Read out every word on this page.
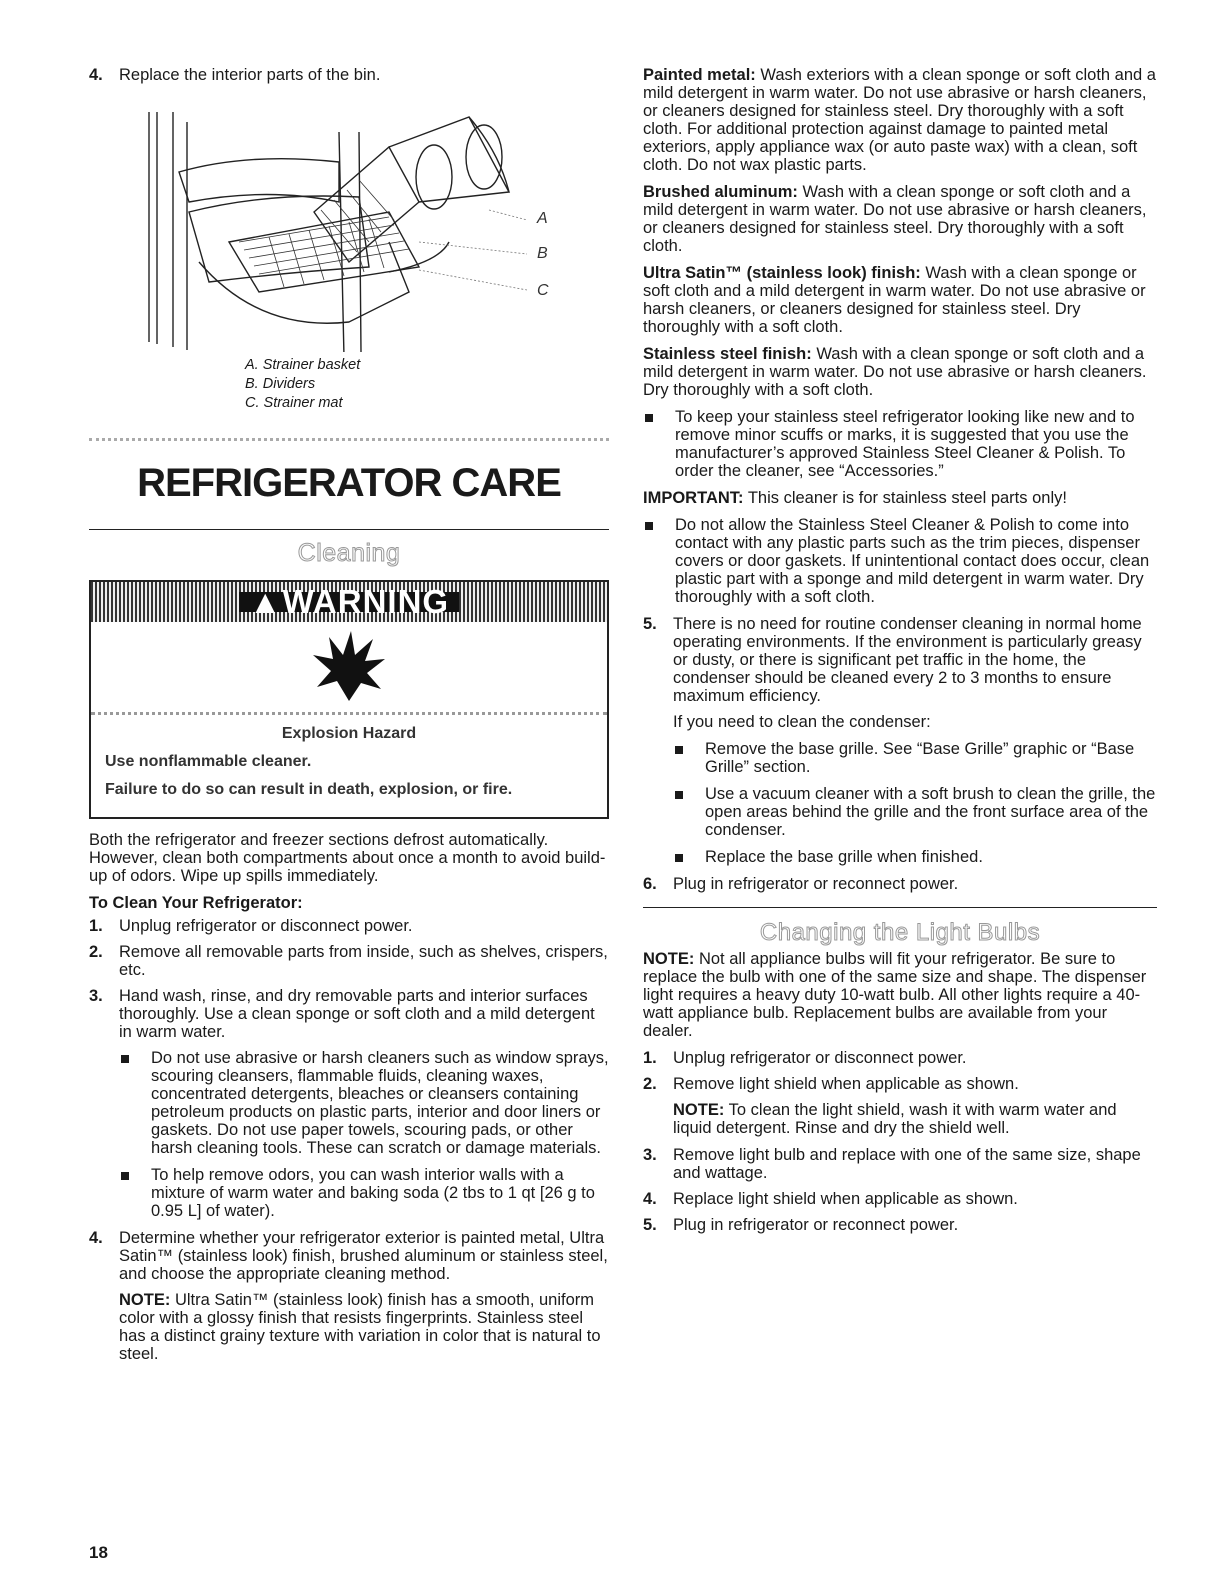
4. Replace the interior parts of the bin.
A
B
C
A. Strainer basket
B. Dividers
C. Strainer mat
REFRIGERATOR CARE
Cleaning
▲WARNING
Explosion Hazard
Use nonflammable cleaner.
Failure to do so can result in death, explosion, or fire.

Both the refrigerator and freezer sections defrost automatically. However, clean both compartments about once a month to avoid build-up of odors. Wipe up spills immediately.

To Clean Your Refrigerator:

1. Unplug refrigerator or disconnect power.
2. Remove all removable parts from inside, such as shelves, crispers, etc.
3. Hand wash, rinse, and dry removable parts and interior surfaces thoroughly. Use a clean sponge or soft cloth and a mild detergent in warm water.
Do not use abrasive or harsh cleaners such as window sprays, scouring cleansers, flammable fluids, cleaning waxes, concentrated detergents, bleaches or cleansers containing petroleum products on plastic parts, interior and door liners or gaskets. Do not use paper towels, scouring pads, or other harsh cleaning tools. These can scratch or damage materials.
To help remove odors, you can wash interior walls with a mixture of warm water and baking soda (2 tbs to 1 qt [26 g to 0.95 L] of water).
4. Determine whether your refrigerator exterior is painted metal, Ultra Satin™ (stainless look) finish, brushed aluminum or stainless steel, and choose the appropriate cleaning method.

NOTE: Ultra Satin™ (stainless look) finish has a smooth, uniform color with a glossy finish that resists fingerprints. Stainless steel has a distinct grainy texture with variation in color that is natural to steel.

Painted metal: Wash exteriors with a clean sponge or soft cloth and a mild detergent in warm water. Do not use abrasive or harsh cleaners, or cleaners designed for stainless steel. Dry thoroughly with a soft cloth. For additional protection against damage to painted metal exteriors, apply appliance wax (or auto paste wax) with a clean, soft cloth. Do not wax plastic parts.

Brushed aluminum: Wash with a clean sponge or soft cloth and a mild detergent in warm water. Do not use abrasive or harsh cleaners, or cleaners designed for stainless steel. Dry thoroughly with a soft cloth.

Ultra Satin™ (stainless look) finish: Wash with a clean sponge or soft cloth and a mild detergent in warm water. Do not use abrasive or harsh cleaners, or cleaners designed for stainless steel. Dry thoroughly with a soft cloth.

Stainless steel finish: Wash with a clean sponge or soft cloth and a mild detergent in warm water. Do not use abrasive or harsh cleaners. Dry thoroughly with a soft cloth.

To keep your stainless steel refrigerator looking like new and to remove minor scuffs or marks, it is suggested that you use the manufacturer’s approved Stainless Steel Cleaner & Polish. To order the cleaner, see “Accessories.”

IMPORTANT: This cleaner is for stainless steel parts only!

Do not allow the Stainless Steel Cleaner & Polish to come into contact with any plastic parts such as the trim pieces, dispenser covers or door gaskets. If unintentional contact does occur, clean plastic part with a sponge and mild detergent in warm water. Dry thoroughly with a soft cloth.
5. There is no need for routine condenser cleaning in normal home operating environments. If the environment is particularly greasy or dusty, or there is significant pet traffic in the home, the condenser should be cleaned every 2 to 3 months to ensure maximum efficiency.

If you need to clean the condenser:

Remove the base grille. See “Base Grille” graphic or “Base Grille” section.
Use a vacuum cleaner with a soft brush to clean the grille, the open areas behind the grille and the front surface area of the condenser.
Replace the base grille when finished.
6. Plug in refrigerator or reconnect power.
Changing the Light Bulbs

NOTE: Not all appliance bulbs will fit your refrigerator. Be sure to replace the bulb with one of the same size and shape. The dispenser light requires a heavy duty 10-watt bulb. All other lights require a 40-watt appliance bulb. Replacement bulbs are available from your dealer.

1. Unplug refrigerator or disconnect power.
2. Remove light shield when applicable as shown.

NOTE: To clean the light shield, wash it with warm water and liquid detergent. Rinse and dry the shield well.

3. Remove light bulb and replace with one of the same size, shape and wattage.
4. Replace light shield when applicable as shown.
5. Plug in refrigerator or reconnect power.
18
